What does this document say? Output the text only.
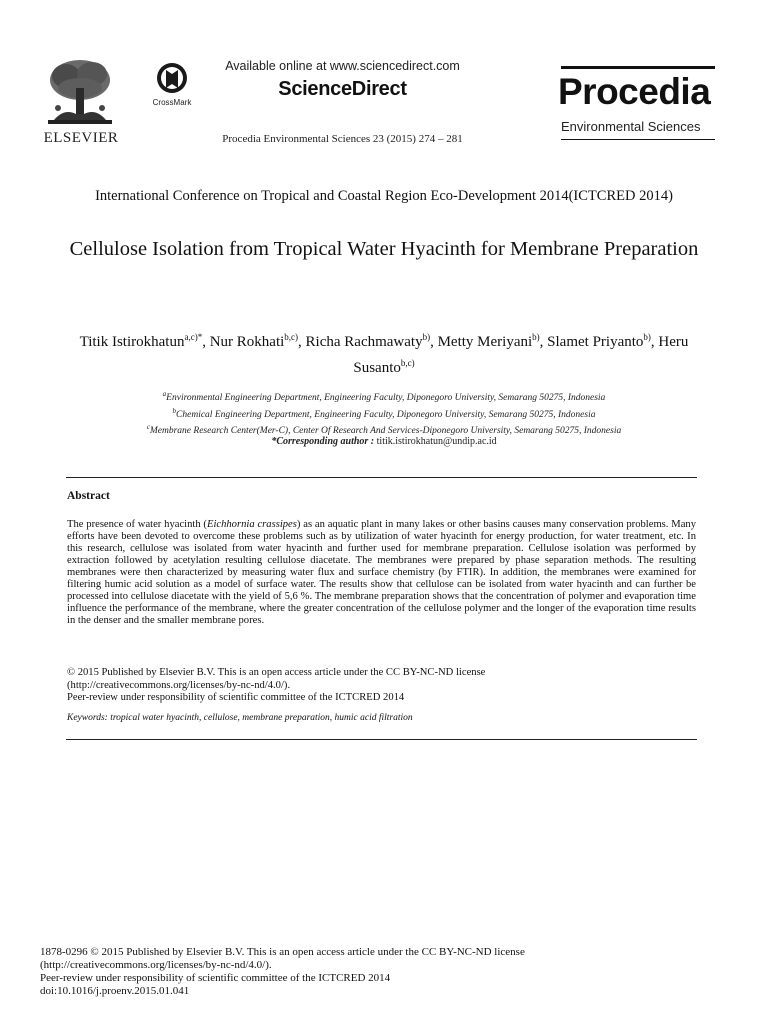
ELSEVIER
CrossMark
Available online at www.sciencedirect.com
ScienceDirect
Procedia Environmental Sciences 23 (2015) 274 – 281
Procedia
Environmental Sciences
International Conference on Tropical and Coastal Region Eco-Development 2014(ICTCRED 2014)
Cellulose Isolation from Tropical Water Hyacinth for Membrane Preparation
Titik Istirokhatun$^{a,c)*}$, Nur Rokhati$^{b,c)}$, Richa Rachmawaty$^{b)}$, Metty Meriyani$^{b)}$, Slamet Priyanto$^{b)}$, Heru Susanto$^{b,c)}$
$^a$Environmental Engineering Department, Engineering Faculty, Diponegoro University, Semarang 50275, Indonesia
$^b$Chemical Engineering Department, Engineering Faculty, Diponegoro University, Semarang 50275, Indonesia
$^c$Membrane Research Center(Mer-C), Center Of Research And Services-Diponegoro University, Semarang 50275, Indonesia
*Corresponding author : titik.istirokhatun@undip.ac.id
Abstract
The presence of water hyacinth (Eichhornia crassipes) as an aquatic plant in many lakes or other basins causes many conservation problems. Many efforts have been devoted to overcome these problems such as by utilization of water hyacinth for energy production, for water treatment, etc. In this research, cellulose was isolated from water hyacinth and further used for membrane preparation. Cellulose isolation was performed by extraction followed by acetylation resulting cellulose diacetate. The membranes were prepared by phase separation methods. The resulting membranes were then characterized by measuring water flux and surface chemistry (by FTIR). In addition, the membranes were examined for filtering humic acid solution as a model of surface water. The results show that cellulose can be isolated from water hyacinth and can further be processed into cellulose diacetate with the yield of 5,6 %. The membrane preparation shows that the concentration of polymer and evaporation time influence the performance of the membrane, where the greater concentration of the cellulose polymer and the longer of the evaporation time results in the denser and the smaller membrane pores.
© 2015 Published by Elsevier B.V. This is an open access article under the CC BY-NC-ND license
(http://creativecommons.org/licenses/by-nc-nd/4.0/).
Peer-review under responsibility of scientific committee of the ICTCRED 2014
Keywords: tropical water hyacinth, cellulose, membrane preparation, humic acid filtration
1878-0296 © 2015 Published by Elsevier B.V. This is an open access article under the CC BY-NC-ND license
(http://creativecommons.org/licenses/by-nc-nd/4.0/).
Peer-review under responsibility of scientific committee of the ICTCRED 2014
doi:10.1016/j.proenv.2015.01.041
